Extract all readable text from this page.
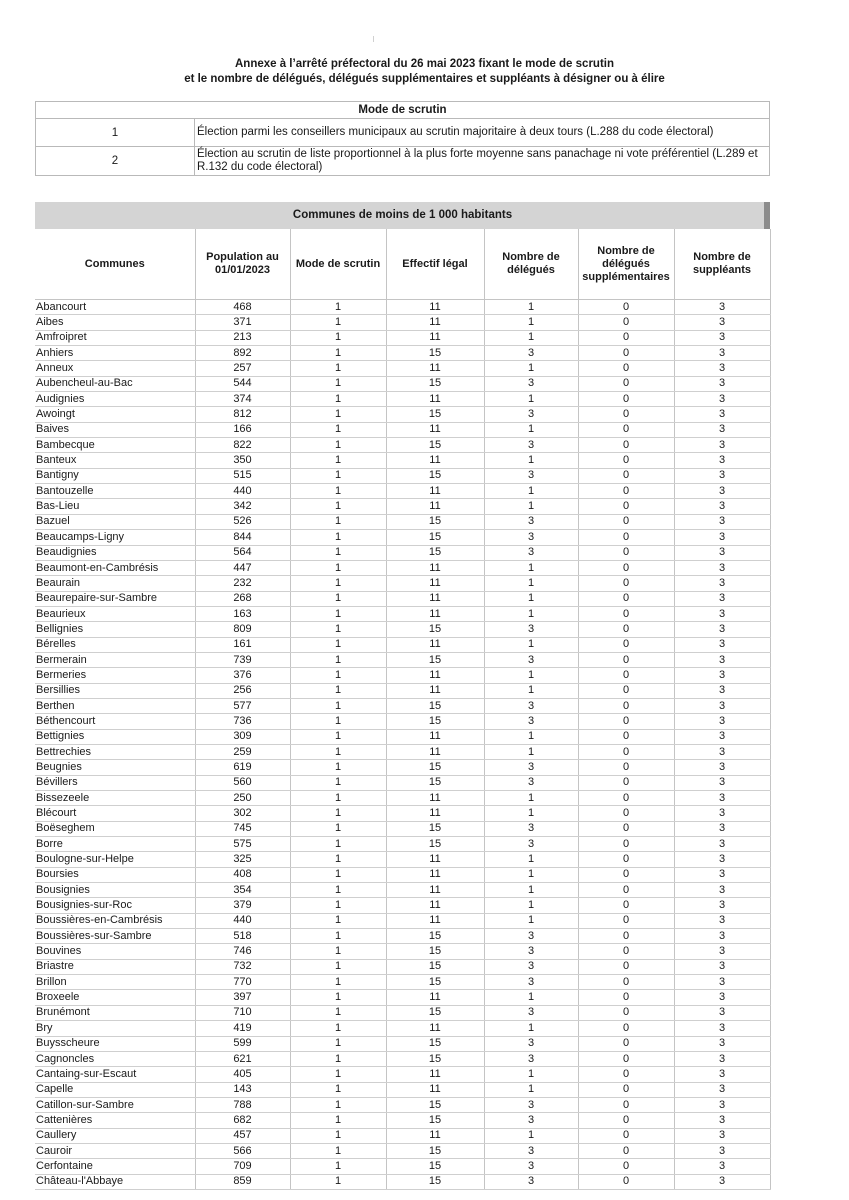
Annexe à l’arrêté préfectoral du 26 mai 2023 fixant le mode de scrutin
et le nombre de délégués, délégués supplémentaires et suppléants à désigner ou à élire
Mode de scrutin	
1	Élection parmi les conseillers municipaux au scrutin majoritaire à deux tours (L.288 du code électoral)
2	Élection au scrutin de liste proportionnel à la plus forte moyenne sans panachage ni vote préférentiel (L.289 et R.132 du code électoral)
Communes de moins de 1 000 habitants
Communes	Population au 01/01/2023	Mode de scrutin	Effectif légal	Nombre de délégués	Nombre de délégués supplémentaires	Nombre de suppléants
Abancourt	468	1	11	1	0	3
Aibes	371	1	11	1	0	3
Amfroipret	213	1	11	1	0	3
Anhiers	892	1	15	3	0	3
Anneux	257	1	11	1	0	3
Aubencheul-au-Bac	544	1	15	3	0	3
Audignies	374	1	11	1	0	3
Awoingt	812	1	15	3	0	3
Baives	166	1	11	1	0	3
Bambecque	822	1	15	3	0	3
Banteux	350	1	11	1	0	3
Bantigny	515	1	15	3	0	3
Bantouzelle	440	1	11	1	0	3
Bas-Lieu	342	1	11	1	0	3
Bazuel	526	1	15	3	0	3
Beaucamps-Ligny	844	1	15	3	0	3
Beaudignies	564	1	15	3	0	3
Beaumont-en-Cambrésis	447	1	11	1	0	3
Beaurain	232	1	11	1	0	3
Beaurepaire-sur-Sambre	268	1	11	1	0	3
Beaurieux	163	1	11	1	0	3
Bellignies	809	1	15	3	0	3
Bérelles	161	1	11	1	0	3
Bermerain	739	1	15	3	0	3
Bermeries	376	1	11	1	0	3
Bersillies	256	1	11	1	0	3
Berthen	577	1	15	3	0	3
Béthencourt	736	1	15	3	0	3
Bettignies	309	1	11	1	0	3
Bettrechies	259	1	11	1	0	3
Beugnies	619	1	15	3	0	3
Bévillers	560	1	15	3	0	3
Bissezeele	250	1	11	1	0	3
Blécourt	302	1	11	1	0	3
Boëseghem	745	1	15	3	0	3
Borre	575	1	15	3	0	3
Boulogne-sur-Helpe	325	1	11	1	0	3
Boursies	408	1	11	1	0	3
Bousignies	354	1	11	1	0	3
Bousignies-sur-Roc	379	1	11	1	0	3
Boussières-en-Cambrésis	440	1	11	1	0	3
Boussières-sur-Sambre	518	1	15	3	0	3
Bouvines	746	1	15	3	0	3
Briastre	732	1	15	3	0	3
Brillon	770	1	15	3	0	3
Broxeele	397	1	11	1	0	3
Brunémont	710	1	15	3	0	3
Bry	419	1	11	1	0	3
Buysscheure	599	1	15	3	0	3
Cagnoncles	621	1	15	3	0	3
Cantaing-sur-Escaut	405	1	11	1	0	3
Capelle	143	1	11	1	0	3
Catillon-sur-Sambre	788	1	15	3	0	3
Cattenières	682	1	15	3	0	3
Caullery	457	1	11	1	0	3
Cauroir	566	1	15	3	0	3
Cerfontaine	709	1	15	3	0	3
Château-l'Abbaye	859	1	15	3	0	3
